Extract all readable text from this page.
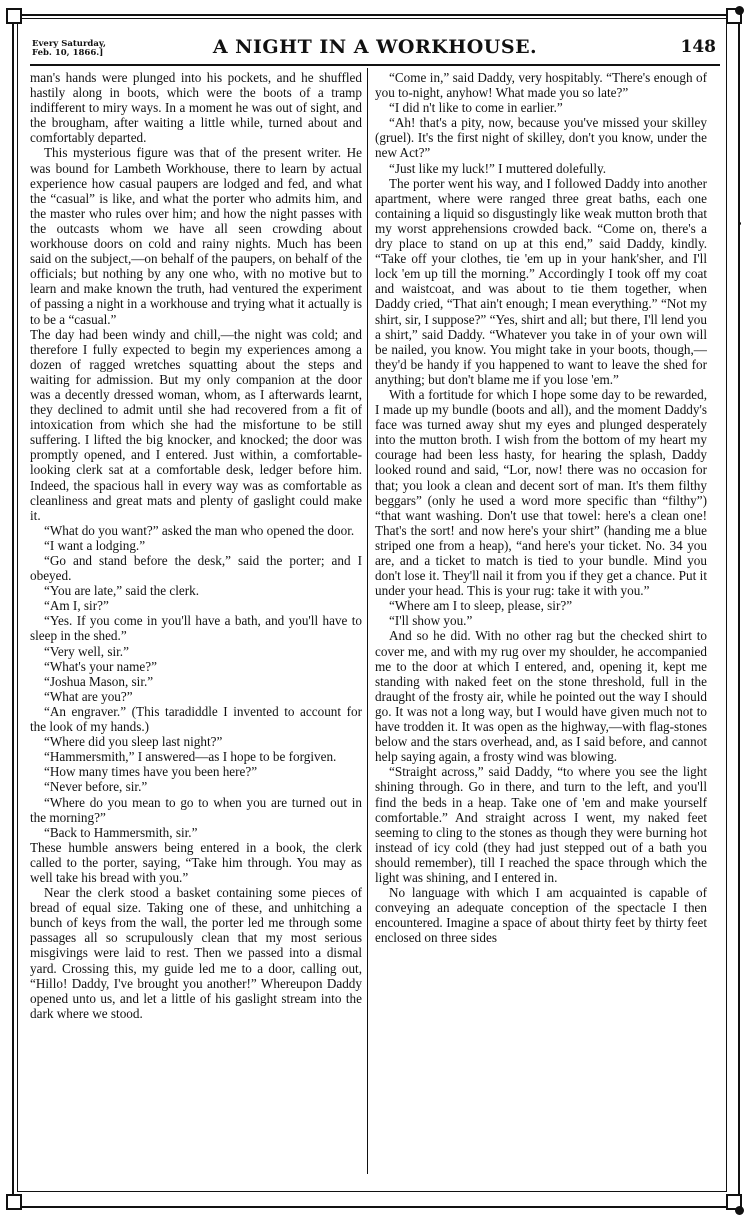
Every Saturday,
Feb. 10, 1866.]	A NIGHT IN A WORKHOUSE.	148

man's hands were plunged into his pockets, and he shuffled hastily along in boots, which were the boots of a tramp indifferent to miry ways. In a moment he was out of sight, and the brougham, after waiting a little while, turned about and comfortably departed.

This mysterious figure was that of the present writer. He was bound for Lambeth Workhouse, there to learn by actual experience how casual paupers are lodged and fed, and what the “casual” is like, and what the porter who admits him, and the master who rules over him; and how the night passes with the outcasts whom we have all seen crowding about workhouse doors on cold and rainy nights. Much has been said on the subject,—on behalf of the paupers, on behalf of the officials; but nothing by any one who, with no motive but to learn and make known the truth, had ventured the experiment of passing a night in a workhouse and trying what it actually is to be a “casual.”

The day had been windy and chill,—the night was cold; and therefore I fully expected to begin my experiences among a dozen of ragged wretches squatting about the steps and waiting for admission. But my only companion at the door was a decently dressed woman, whom, as I afterwards learnt, they declined to admit until she had recovered from a fit of intoxication from which she had the misfortune to be still suffering. I lifted the big knocker, and knocked; the door was promptly opened, and I entered. Just within, a comfortable-looking clerk sat at a comfortable desk, ledger before him. Indeed, the spacious hall in every way was as comfortable as cleanliness and great mats and plenty of gaslight could make it.

“What do you want?” asked the man who opened the door.

“I want a lodging.”

“Go and stand before the desk,” said the porter; and I obeyed.

“You are late,” said the clerk.

“Am I, sir?”

“Yes. If you come in you'll have a bath, and you'll have to sleep in the shed.”

“Very well, sir.”

“What's your name?”

“Joshua Mason, sir.”

“What are you?”

“An engraver.” (This taradiddle I invented to account for the look of my hands.)

“Where did you sleep last night?”

“Hammersmith,” I answered—as I hope to be forgiven.

“How many times have you been here?”

“Never before, sir.”

“Where do you mean to go to when you are turned out in the morning?”

“Back to Hammersmith, sir.”

These humble answers being entered in a book, the clerk called to the porter, saying, “Take him through. You may as well take his bread with you.”

Near the clerk stood a basket containing some pieces of bread of equal size. Taking one of these, and unhitching a bunch of keys from the wall, the porter led me through some passages all so scrupulously clean that my most serious misgivings were laid to rest. Then we passed into a dismal yard. Crossing this, my guide led me to a door, calling out, “Hillo! Daddy, I've brought you another!” Whereupon Daddy opened unto us, and let a little of his gaslight stream into the dark where we stood.

“Come in,” said Daddy, very hospitably. “There's enough of you to-night, anyhow! What made you so late?”

“I did n't like to come in earlier.”

“Ah! that's a pity, now, because you've missed your skilley (gruel). It's the first night of skilley, don't you know, under the new Act?”

“Just like my luck!” I muttered dolefully.

The porter went his way, and I followed Daddy into another apartment, where were ranged three great baths, each one containing a liquid so disgustingly like weak mutton broth that my worst apprehensions crowded back. “Come on, there's a dry place to stand on up at this end,” said Daddy, kindly. “Take off your clothes, tie 'em up in your hank'sher, and I'll lock 'em up till the morning.” Accordingly I took off my coat and waistcoat, and was about to tie them together, when Daddy cried, “That ain't enough; I mean everything.” “Not my shirt, sir, I suppose?” “Yes, shirt and all; but there, I'll lend you a shirt,” said Daddy. “Whatever you take in of your own will be nailed, you know. You might take in your boots, though,—they'd be handy if you happened to want to leave the shed for anything; but don't blame me if you lose 'em.”

With a fortitude for which I hope some day to be rewarded, I made up my bundle (boots and all), and the moment Daddy's face was turned away shut my eyes and plunged desperately into the mutton broth. I wish from the bottom of my heart my courage had been less hasty, for hearing the splash, Daddy looked round and said, “Lor, now! there was no occasion for that; you look a clean and decent sort of man. It's them filthy beggars” (only he used a word more specific than “filthy”) “that want washing. Don't use that towel: here's a clean one! That's the sort! and now here's your shirt” (handing me a blue striped one from a heap), “and here's your ticket. No. 34 you are, and a ticket to match is tied to your bundle. Mind you don't lose it. They'll nail it from you if they get a chance. Put it under your head. This is your rug: take it with you.”

“Where am I to sleep, please, sir?”

“I'll show you.”

And so he did. With no other rag but the checked shirt to cover me, and with my rug over my shoulder, he accompanied me to the door at which I entered, and, opening it, kept me standing with naked feet on the stone threshold, full in the draught of the frosty air, while he pointed out the way I should go. It was not a long way, but I would have given much not to have trodden it. It was open as the highway,—with flag-stones below and the stars overhead, and, as I said before, and cannot help saying again, a frosty wind was blowing.

“Straight across,” said Daddy, “to where you see the light shining through. Go in there, and turn to the left, and you'll find the beds in a heap. Take one of 'em and make yourself comfortable.” And straight across I went, my naked feet seeming to cling to the stones as though they were burning hot instead of icy cold (they had just stepped out of a bath you should remember), till I reached the space through which the light was shining, and I entered in.

No language with which I am acquainted is capable of conveying an adequate conception of the spectacle I then encountered. Imagine a space of about thirty feet by thirty feet enclosed on three sides
